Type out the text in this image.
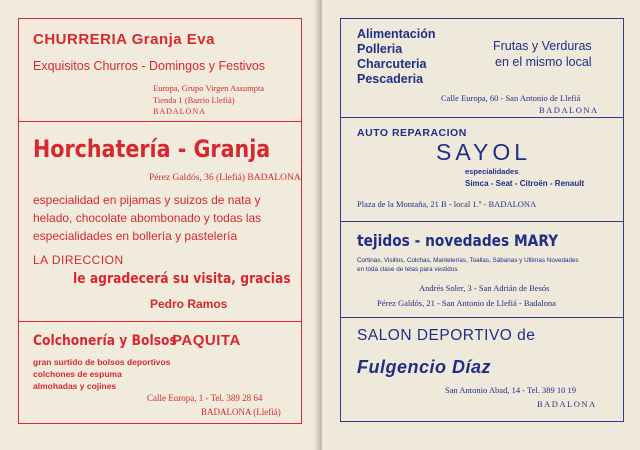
CHURRERIA Granja Eva
Exquisitos Churros - Domingos y Festivos
Europa, Grupo Virgen Assumpta
Tienda 1 (Barrio Llefiá)
BADALONA
Horchatería - Granja
Pérez Galdós, 36 (Llefiá) BADALONA
especialidad en pijamas y suizos de nata y
helado, chocolate abombonado y todas las
especialidades en bollería y pastelería
LA DIRECCION
le agradecerá su visita, gracias
Pedro Ramos
Colchonería y Bolsos
PAQUITA
gran surtido de bolsos deportivos
colchones de espuma
almohadas y cojines
Calle Europa, 1 - Tel. 389 28 64
BADALONA (Llefiá)
Alimentación
Polleria
Charcuteria
Pescaderia
Frutas y Verduras
en el mismo local
Calle Europa, 60 - San Antonio de Llefiá
BADALONA
AUTO REPARACION
SAYOL
especialidades
Simca - Seat - Citroën - Renault
Plaza de la Montaña, 21 B - local 1.º - BADALONA
tejidos - novedades MARY
Cortinas, Visillos, Colchas, Mantelerías, Toallas, Sábanas y Ultimas Novedades
en toda clase de telas para vestidos
Andrés Soler, 3 - San Adrián de Besós
Pérez Galdós, 21 - San Antonio de Llefiá - Badalona
SALON DEPORTIVO de
Fulgencio Díaz
San Antonio Abad, 14 - Tel. 389 10 19
BADALONA
